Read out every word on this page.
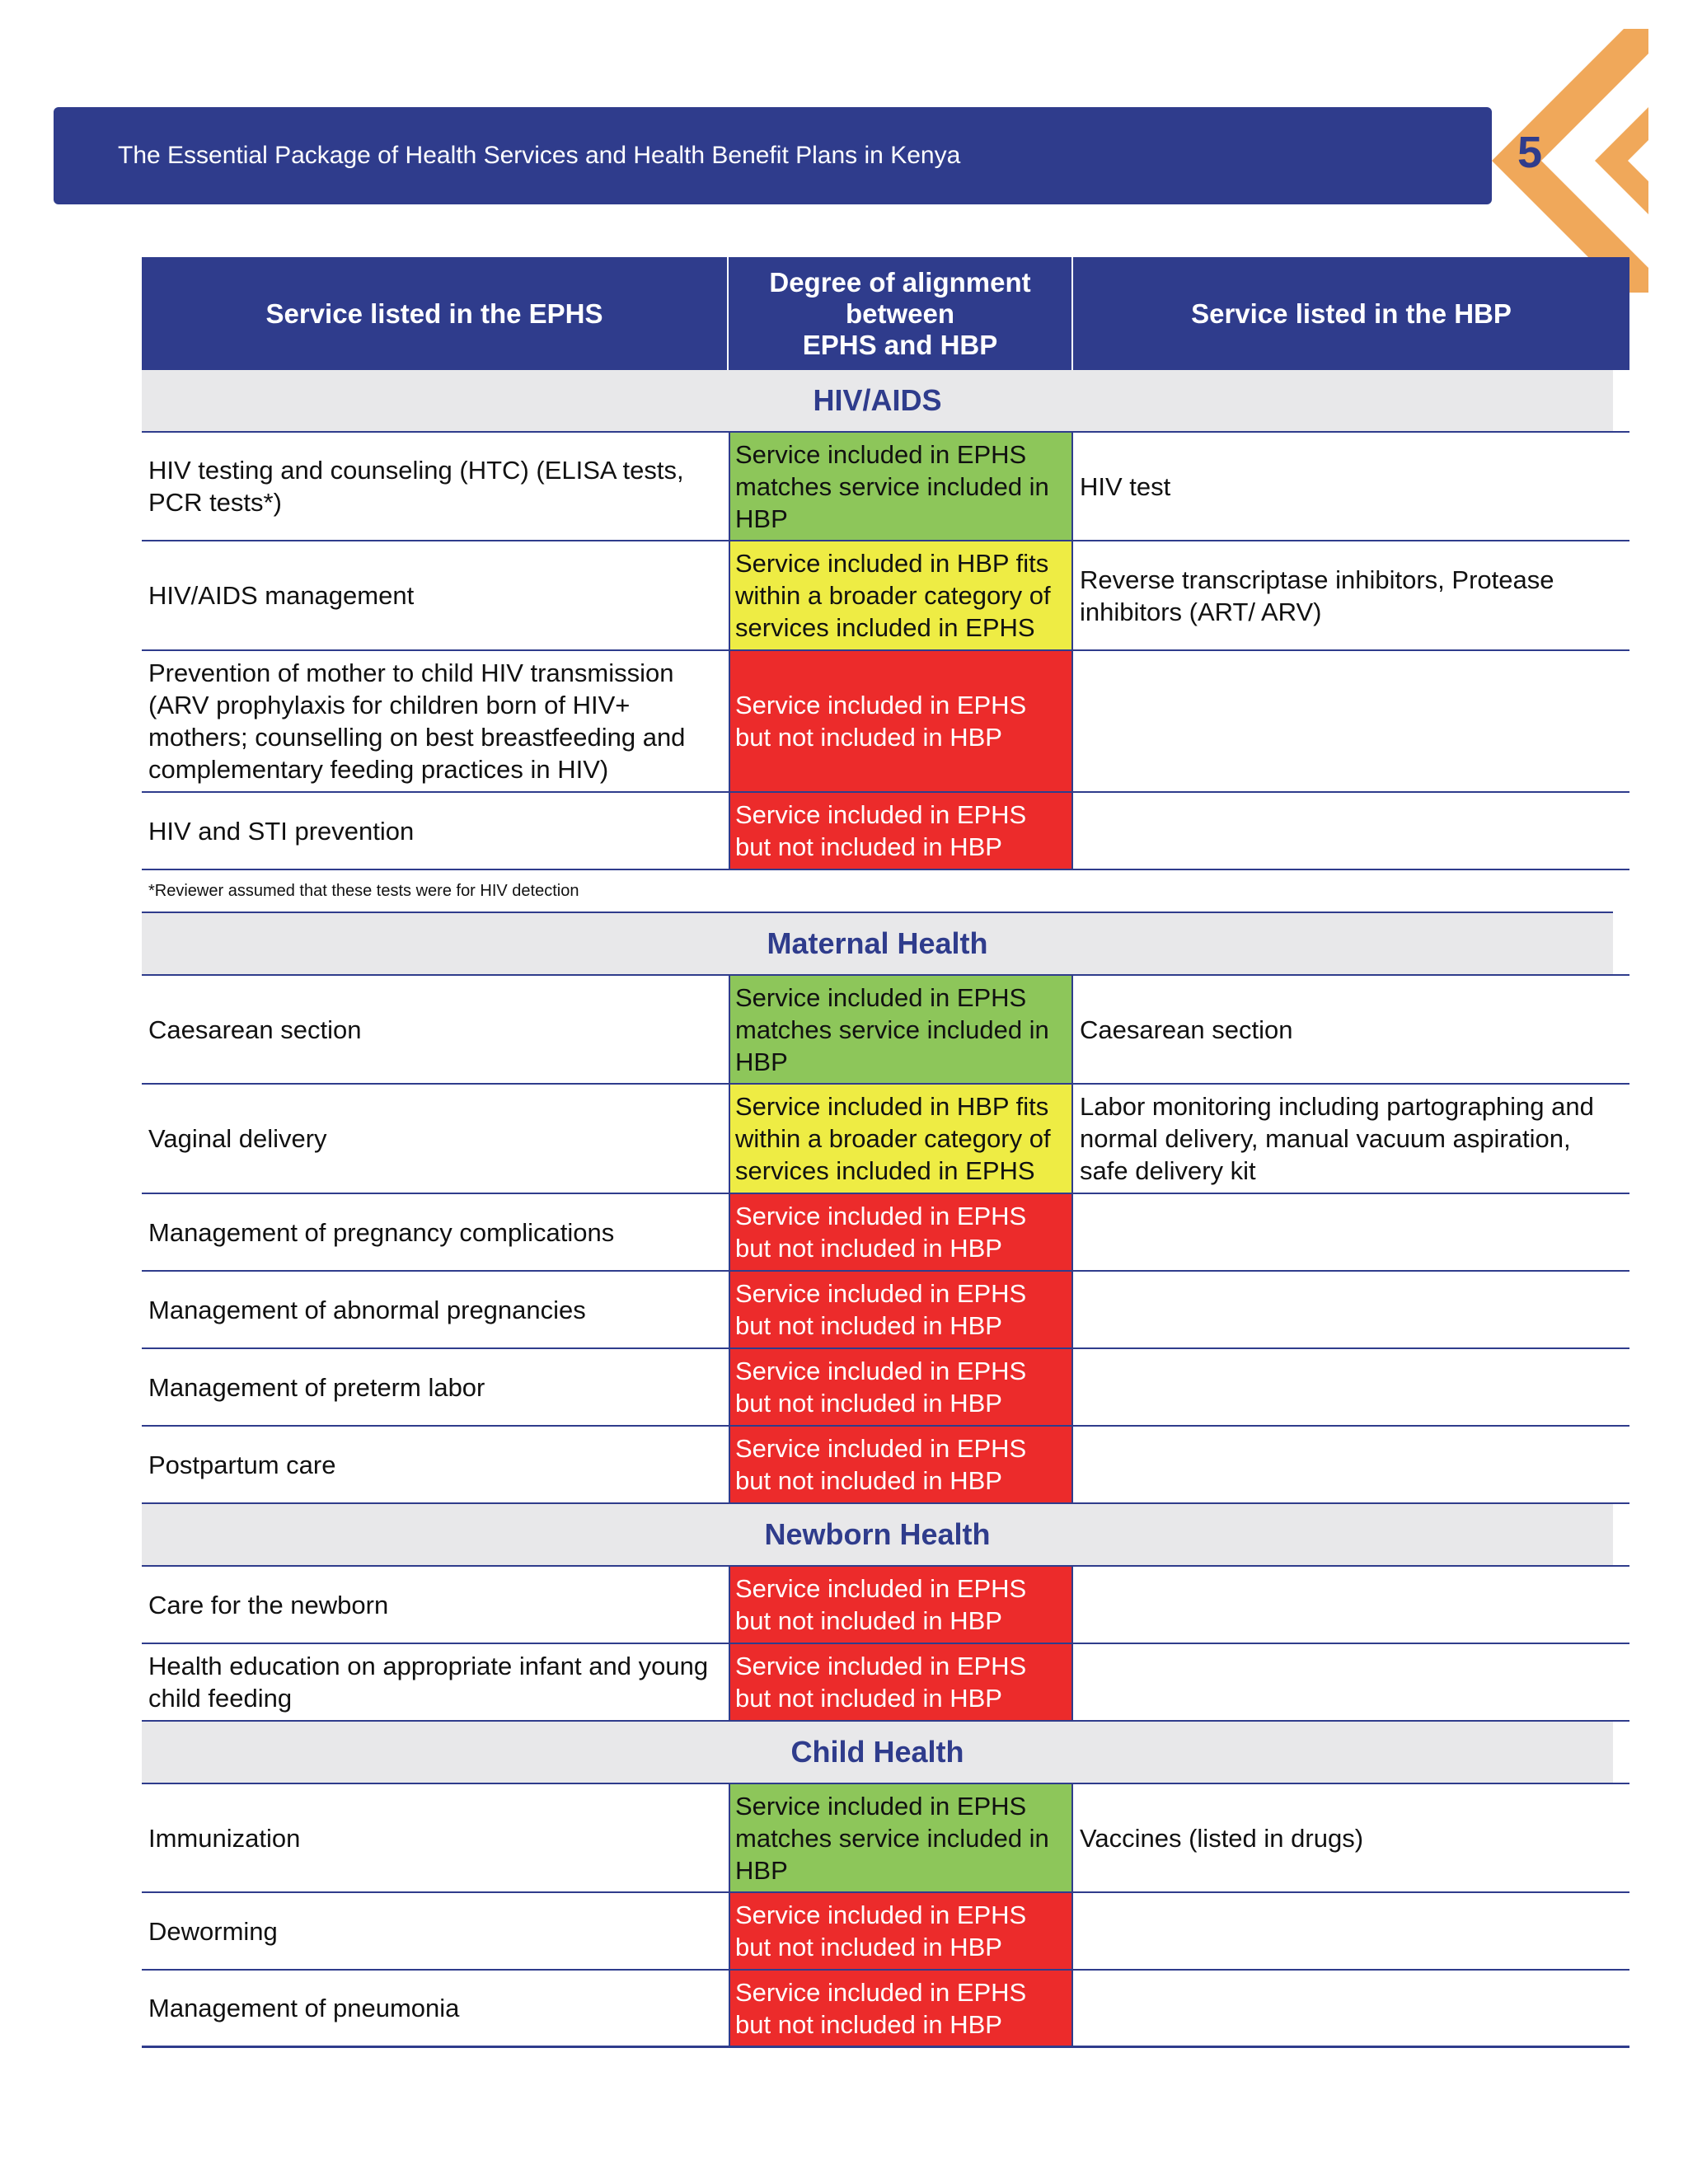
The Essential Package of Health Services and Health Benefit Plans in Kenya	5
Service listed in the EPHS
Degree of alignment
between
EPHS and HBP
Service listed in the HBP
HIV/AIDS
HIV testing and counseling (HTC) (ELISA tests, PCR tests*)
Service included in EPHS matches service included in HBP
HIV test
HIV/AIDS management
Service included in HBP fits within a broader category of services included in EPHS
Reverse transcriptase inhibitors, Protease inhibitors (ART/ ARV)
Prevention of mother to child HIV transmission (ARV prophylaxis for children born of HIV+ mothers; counselling on best breastfeeding and complementary feeding practices in HIV)
Service included in EPHS but not included in HBP
HIV and STI prevention
Service included in EPHS but not included in HBP
*Reviewer assumed that these tests were for HIV detection
Maternal Health
Caesarean section
Service included in EPHS matches service included in HBP
Caesarean section
Vaginal delivery
Service included in HBP fits within a broader category of services included in EPHS
Labor monitoring including partographing and normal delivery, manual vacuum aspiration, safe delivery kit
Management of pregnancy complications
Service included in EPHS but not included in HBP
Management of abnormal pregnancies
Service included in EPHS but not included in HBP
Management of preterm labor
Service included in EPHS but not included in HBP
Postpartum care
Service included in EPHS but not included in HBP
Newborn Health
Care for the newborn
Service included in EPHS but not included in HBP
Health education on appropriate infant and young child feeding
Service included in EPHS but not included in HBP
Child Health
Immunization
Service included in EPHS matches service included in HBP
Vaccines (listed in drugs)
Deworming
Service included in EPHS but not included in HBP
Management of pneumonia
Service included in EPHS but not included in HBP
